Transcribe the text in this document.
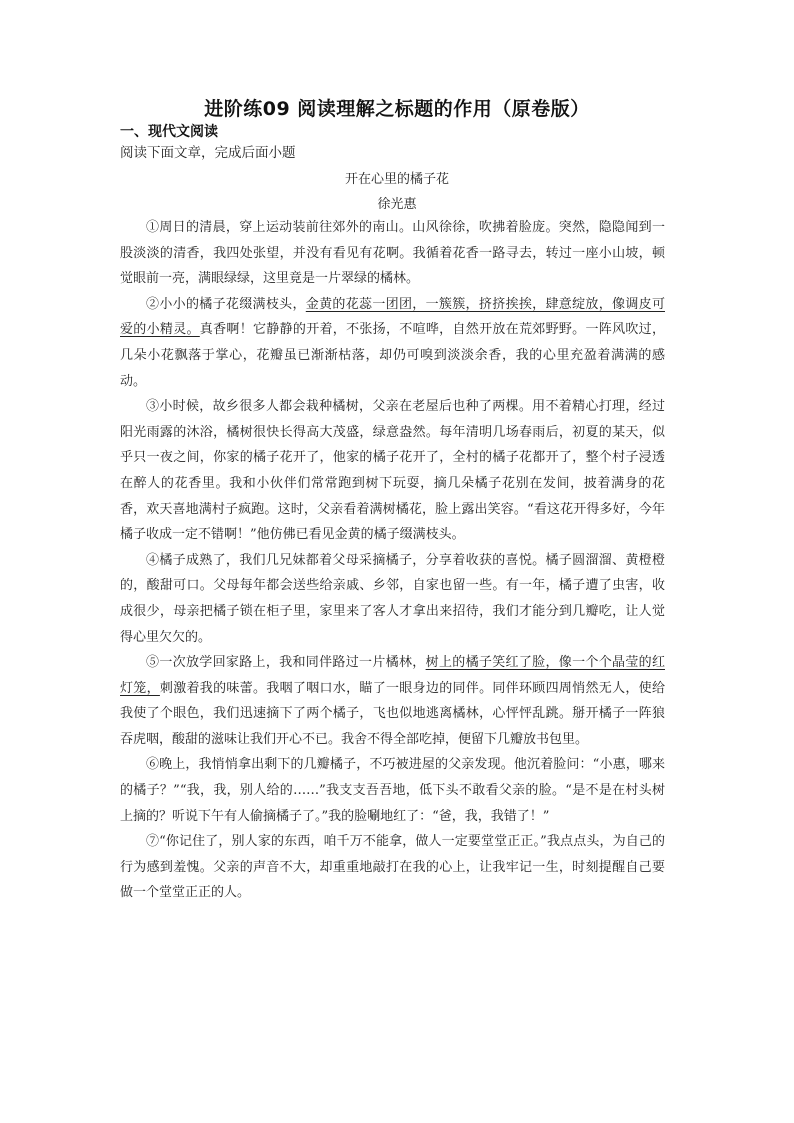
进阶练09 阅读理解之标题的作用（原卷版）
一、现代文阅读
阅读下面文章，完成后面小题
开在心里的橘子花
徐光惠

①周日的清晨，穿上运动装前往郊外的南山。山风徐徐，吹拂着脸庞。突然，隐隐闻到一股淡淡的清香，我四处张望，并没有看见有花啊。我循着花香一路寻去，转过一座小山坡，顿觉眼前一亮，满眼绿绿，这里竟是一片翠绿的橘林。

②小小的橘子花缀满枝头，金黄的花蕊一团团，一簇簇，挤挤挨挨，肆意绽放，像调皮可爱的小精灵。真香啊！它静静的开着，不张扬，不喧哗，自然开放在荒郊野野。一阵风吹过，几朵小花飘落于掌心，花瓣虽已渐渐枯落，却仍可嗅到淡淡余香，我的心里充盈着满满的感动。

③小时候，故乡很多人都会栽种橘树，父亲在老屋后也种了两棵。用不着精心打理，经过阳光雨露的沐浴，橘树很快长得高大茂盛，绿意盎然。每年清明几场春雨后，初夏的某天，似乎只一夜之间，你家的橘子花开了，他家的橘子花开了，全村的橘子花都开了，整个村子浸透在醉人的花香里。我和小伙伴们常常跑到树下玩耍，摘几朵橘子花别在发间，披着满身的花香，欢天喜地满村子疯跑。这时，父亲看着满树橘花，脸上露出笑容。“看这花开得多好，今年橘子收成一定不错啊！”他仿佛已看见金黄的橘子缀满枝头。

④橘子成熟了，我们几兄妹都着父母采摘橘子，分享着收获的喜悦。橘子圆溜溜、黄橙橙的，酸甜可口。父母每年都会送些给亲戚、乡邻，自家也留一些。有一年，橘子遭了虫害，收成很少，母亲把橘子锁在柜子里，家里来了客人才拿出来招待，我们才能分到几瓣吃，让人觉得心里欠欠的。

⑤一次放学回家路上，我和同伴路过一片橘林，树上的橘子笑红了脸，像一个个晶莹的红灯笼，刺激着我的味蕾。我咽了咽口水，瞄了一眼身边的同伴。同伴环顾四周悄然无人，使给我使了个眼色，我们迅速摘下了两个橘子，飞也似地逃离橘林，心怦怦乱跳。掰开橘子一阵狼吞虎咽，酸甜的滋味让我们开心不已。我舍不得全部吃掉，便留下几瓣放书包里。

⑥晚上，我悄悄拿出剩下的几瓣橘子，不巧被进屋的父亲发现。他沉着脸问：“小惠，哪来的橘子？”“我，我，别人给的……”我支支吾吾地，低下头不敢看父亲的脸。“是不是在村头树上摘的？听说下午有人偷摘橘子了。”我的脸唰地红了：“爸，我，我错了！”

⑦“你记住了，别人家的东西，咱千万不能拿，做人一定要堂堂正正。”我点点头，为自己的行为感到羞愧。父亲的声音不大，却重重地敲打在我的心上，让我牢记一生，时刻提醒自己要做一个堂堂正正的人。
